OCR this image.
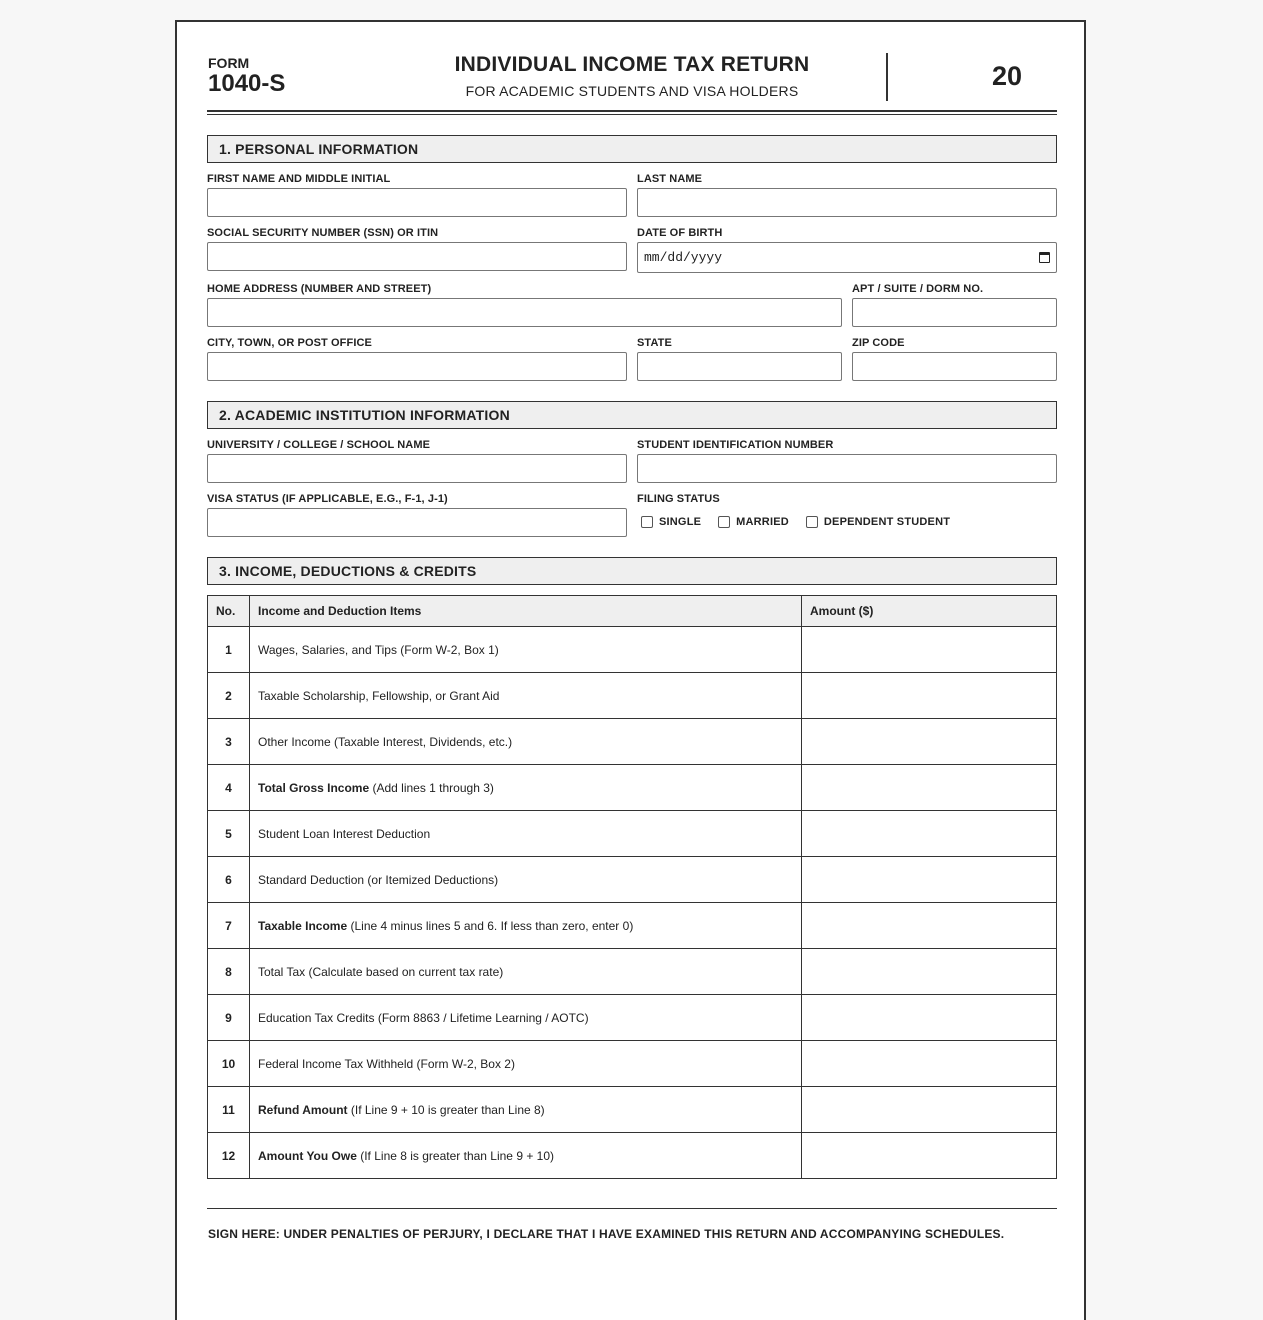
FORM
1040-S
INDIVIDUAL INCOME TAX RETURN
FOR ACADEMIC STUDENTS AND VISA HOLDERS	20
1. PERSONAL INFORMATION
FIRST NAME AND MIDDLE INITIAL	LAST NAME
SOCIAL SECURITY NUMBER (SSN) OR ITIN	DATE OF BIRTH
mm/dd/yyyy
HOME ADDRESS (NUMBER AND STREET)	APT / SUITE / DORM NO.
CITY, TOWN, OR POST OFFICE	STATE	ZIP CODE
2. ACADEMIC INSTITUTION INFORMATION
UNIVERSITY / COLLEGE / SCHOOL NAME	STUDENT IDENTIFICATION NUMBER
VISA STATUS (IF APPLICABLE, E.G., F-1, J-1)	FILING STATUS
SINGLE	MARRIED	DEPENDENT STUDENT
3. INCOME, DEDUCTIONS & CREDITS
No.	Income and Deduction Items	Amount ($)
1	Wages, Salaries, and Tips (Form W-2, Box 1)	
2	Taxable Scholarship, Fellowship, or Grant Aid	
3	Other Income (Taxable Interest, Dividends, etc.)	
4	Total Gross Income (Add lines 1 through 3)	
5	Student Loan Interest Deduction	
6	Standard Deduction (or Itemized Deductions)	
7	Taxable Income (Line 4 minus lines 5 and 6. If less than zero, enter 0)	
8	Total Tax (Calculate based on current tax rate)	
9	Education Tax Credits (Form 8863 / Lifetime Learning / AOTC)	
10	Federal Income Tax Withheld (Form W-2, Box 2)	
11	Refund Amount (If Line 9 + 10 is greater than Line 8)	
12	Amount You Owe (If Line 8 is greater than Line 9 + 10)	
SIGN HERE: UNDER PENALTIES OF PERJURY, I DECLARE THAT I HAVE EXAMINED THIS RETURN AND ACCOMPANYING SCHEDULES.
